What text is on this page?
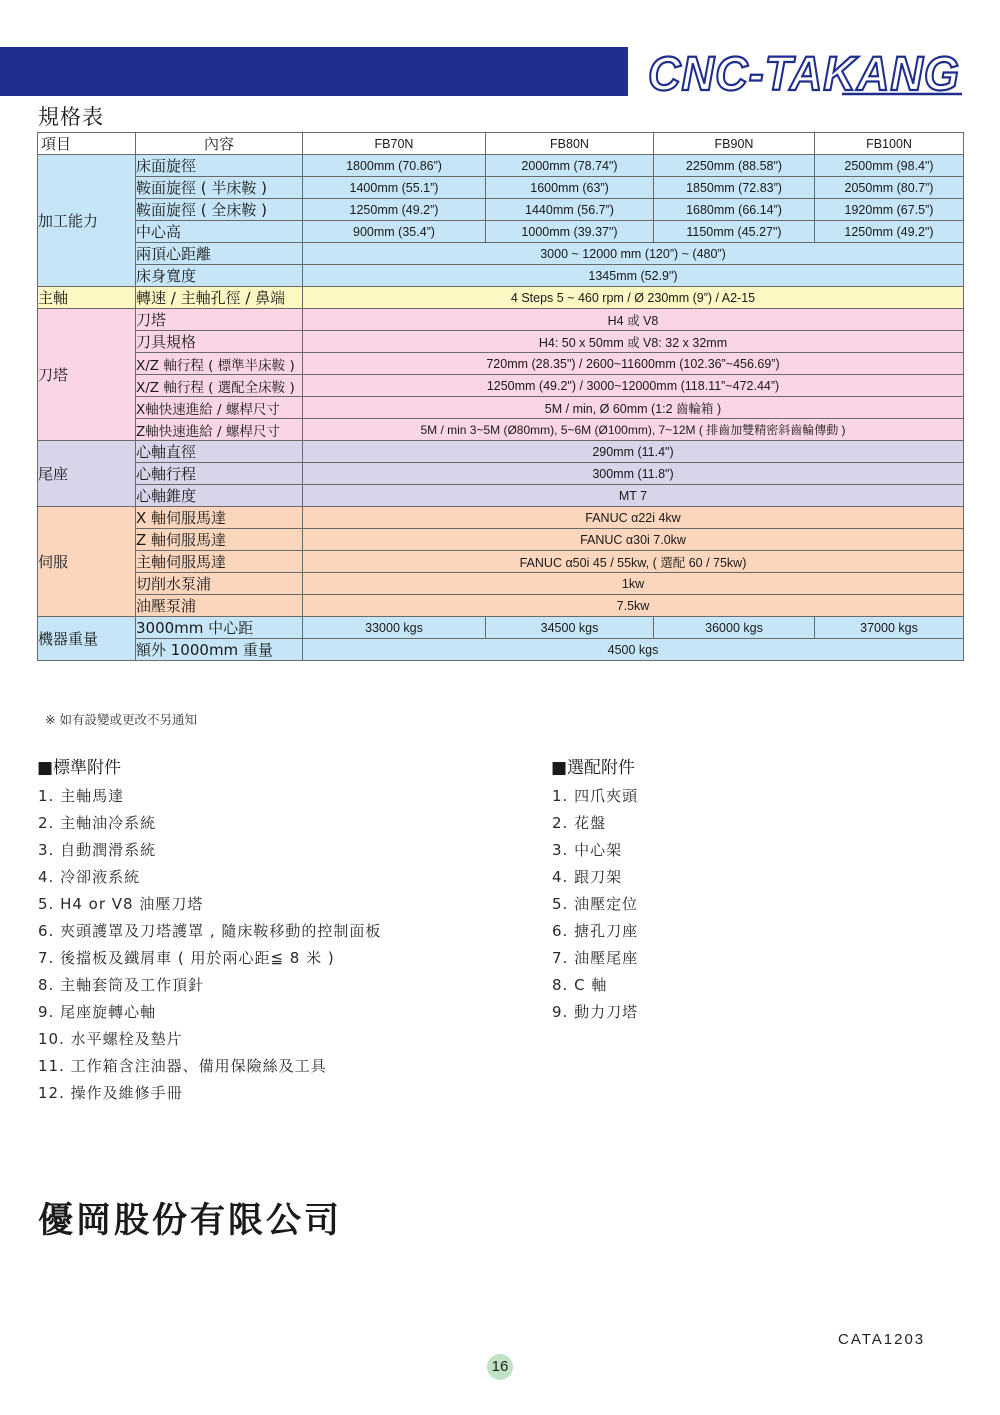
CNC-TAKANG
規格表
項目	內容	FB70N	FB80N	FB90N	FB100N
加工能力	床面旋徑	1800mm (70.86”)	2000mm (78.74")	2250mm (88.58")	2500mm (98.4")
	鞍面旋徑 ( 半床鞍 )	1400mm (55.1”)	1600mm (63”)	1850mm (72.83”)	2050mm (80.7”)
	鞍面旋徑 ( 全床鞍 )	1250mm (49.2”)	1440mm (56.7”)	1680mm (66.14”)	1920mm (67.5”)
	中心高	900mm (35.4”)	1000mm (39.37")	1150mm (45.27")	1250mm (49.2")
	兩頂心距離	3000 ~ 12000 mm (120”) ~ (480”)			
	床身寬度	1345mm (52.9")			
主軸	轉速 / 主軸孔徑 / 鼻端	4 Steps 5 ~ 460 rpm / Ø 230mm (9”) / A2-15			
刀塔	刀塔	H4 或 V8			
	刀具規格	H4: 50 x 50mm 或 V8: 32 x 32mm			
	X/Z 軸行程 ( 標準半床鞍 )	720mm (28.35") / 2600~11600mm (102.36”~456.69”)			
	X/Z 軸行程 ( 選配全床鞍 )	1250mm (49.2") / 3000~12000mm (118.11”~472.44”)			
	X軸快速進給 / 螺桿尺寸	5M / min, Ø 60mm (1:2 齒輪箱 )			
	Z軸快速進給 / 螺桿尺寸	5M / min 3~5M (Ø80mm), 5~6M (Ø100mm), 7~12M ( 排齒加雙精密斜齒輪傳動 )			
尾座	心軸直徑	290mm (11.4")			
	心軸行程	300mm (11.8")			
	心軸錐度	MT 7			
伺服	X 軸伺服馬達	FANUC α22i 4kw			
	Z 軸伺服馬達	FANUC α30i 7.0kw			
	主軸伺服馬達	FANUC α50i 45 / 55kw, ( 選配 60 / 75kw)			
	切削水泵浦	1kw			
	油壓泵浦	7.5kw			
機器重量	3000mm 中心距	33000 kgs	34500 kgs	36000 kgs	37000 kgs
	額外 1000mm 重量	4500 kgs			
※ 如有設變或更改不另通知
■標準附件
1. 主軸馬達
2. 主軸油冷系統
3. 自動潤滑系統
4. 冷卻液系統
5. H4 or V8 油壓刀塔
6. 夾頭護罩及刀塔護罩 , 隨床鞍移動的控制面板
7. 後擋板及鐵屑車 ( 用於兩心距≦ 8 米 )
8. 主軸套筒及工作頂針
9. 尾座旋轉心軸
10. 水平螺栓及墊片
11. 工作箱含注油器、備用保險絲及工具
12. 操作及維修手冊
■選配附件
1. 四爪夾頭
2. 花盤
3. 中心架
4. 跟刀架
5. 油壓定位
6. 搪孔刀座
7. 油壓尾座
8. C 軸
9. 動力刀塔
優岡股份有限公司
CATA1203
16
